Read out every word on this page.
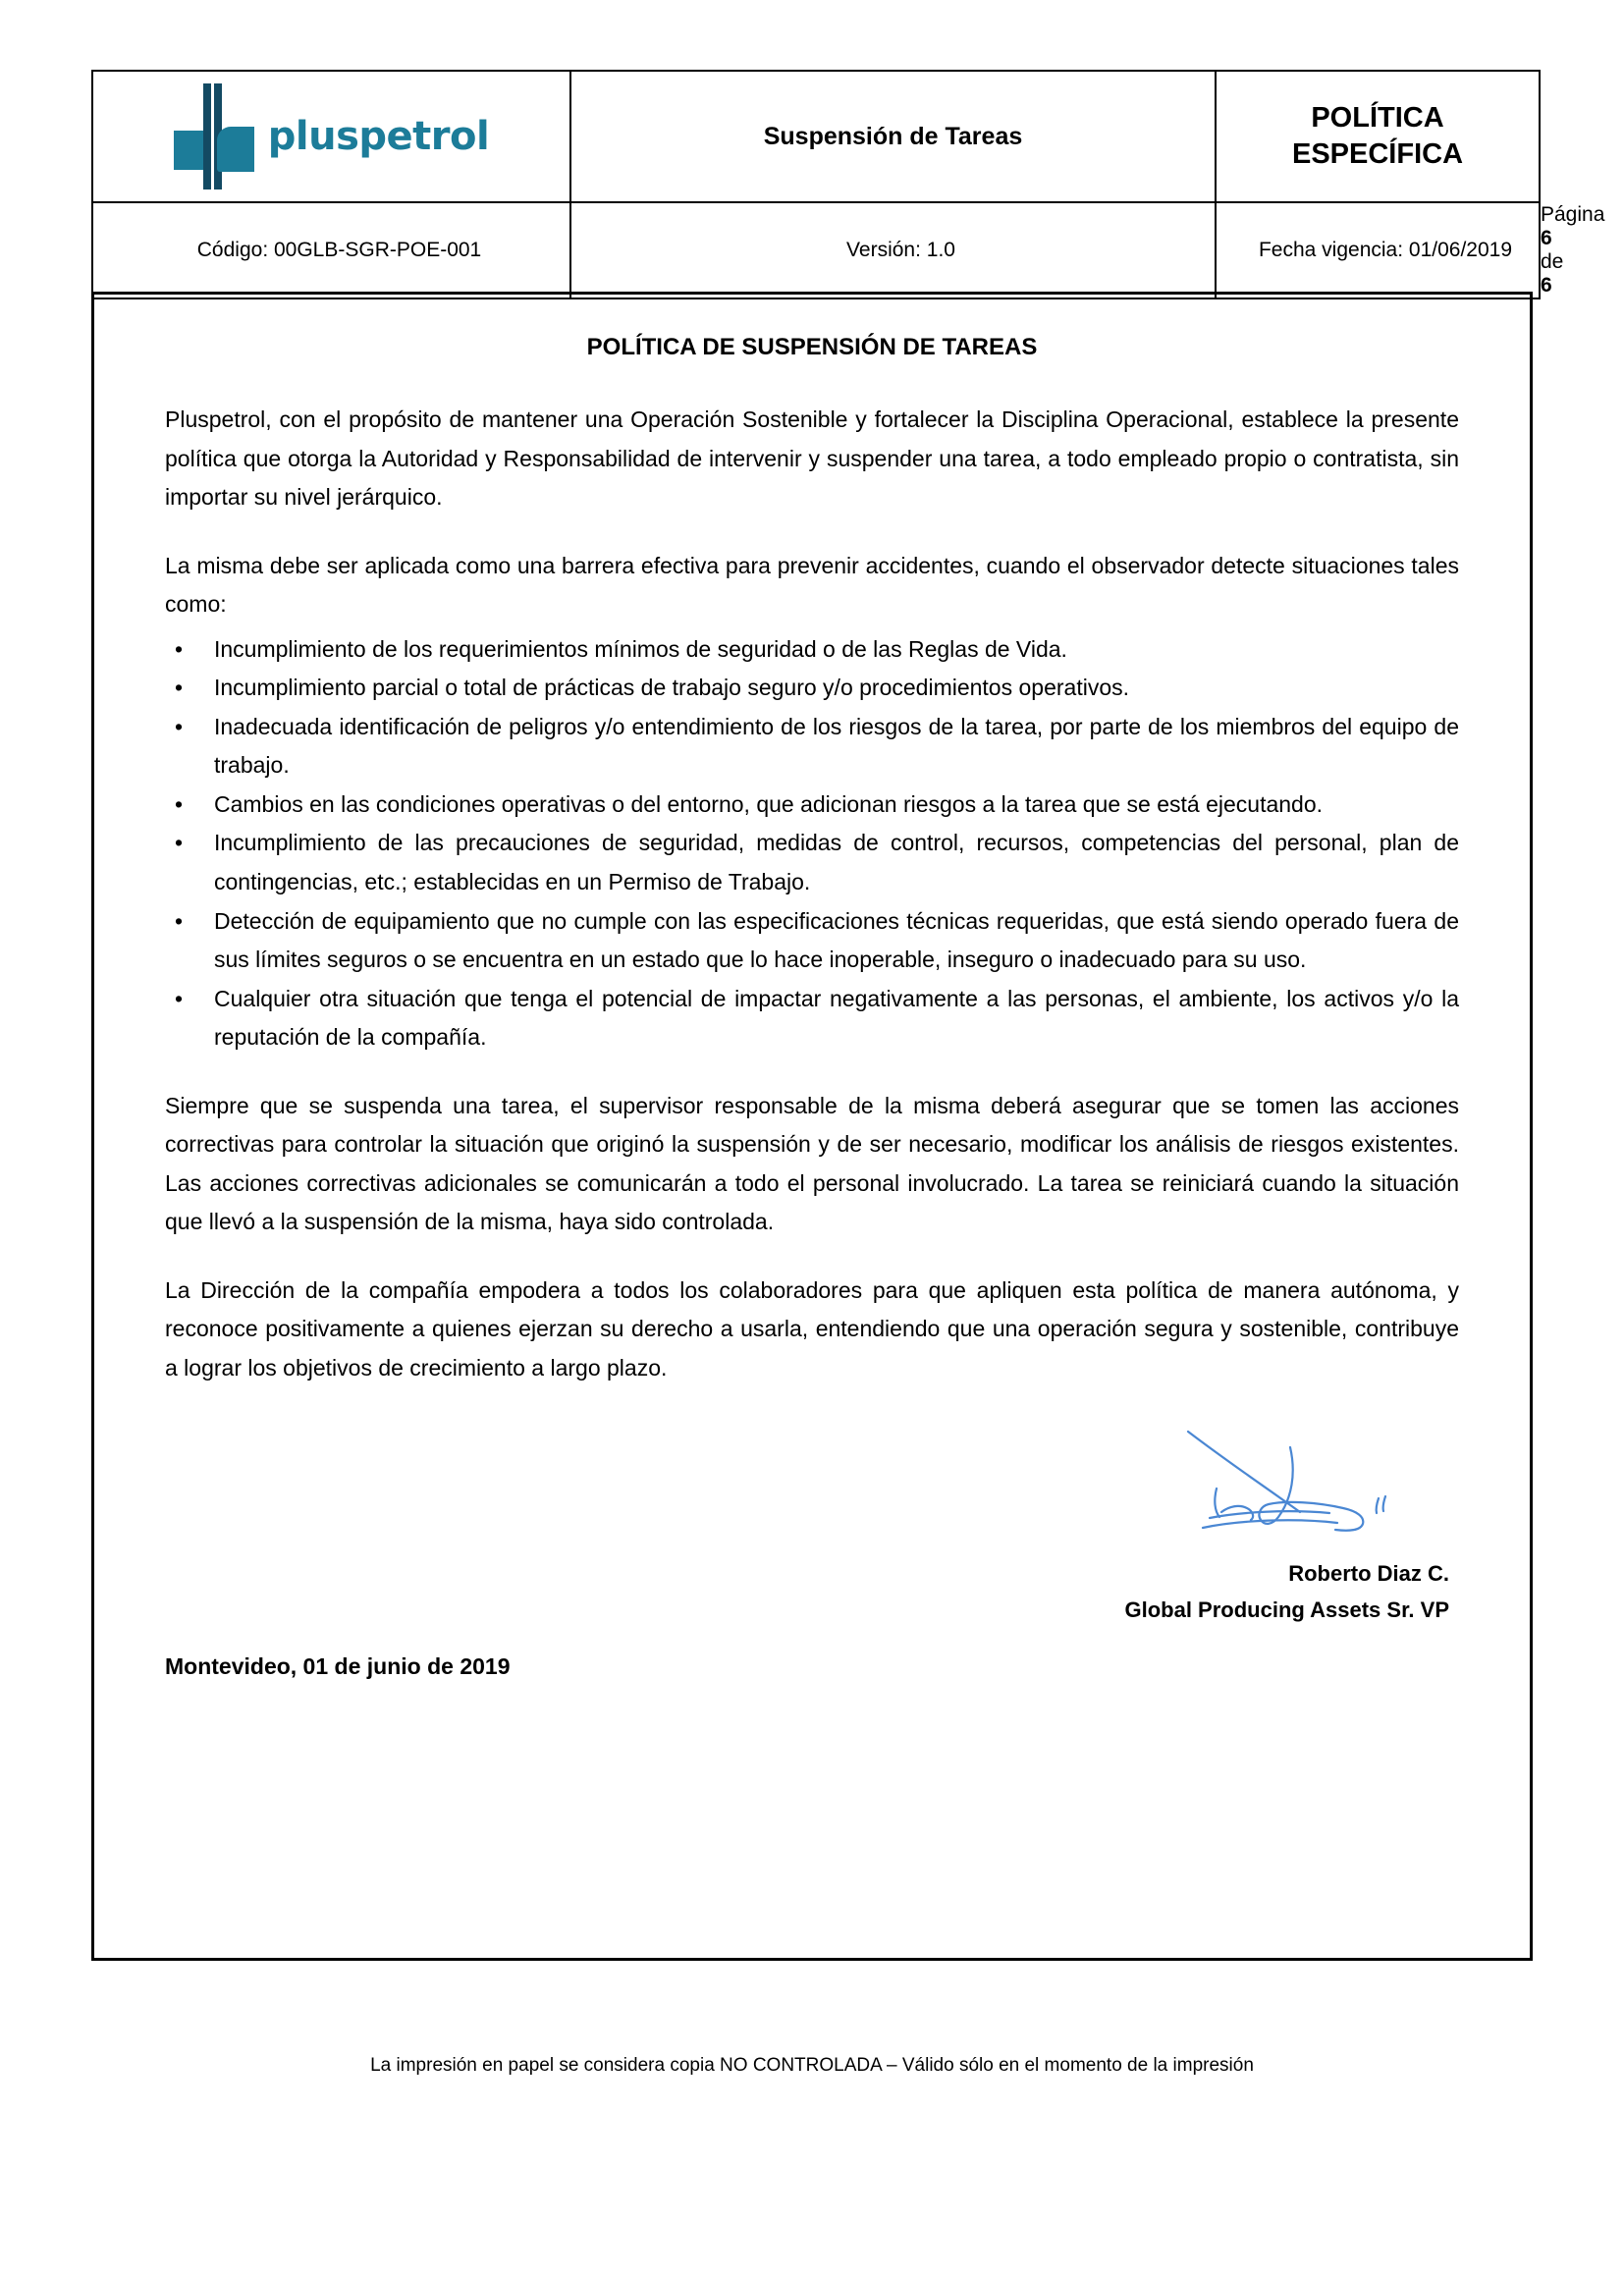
pluspetrol	Suspensión de Tareas	POLÍTICA
ESPECÍFICA	

Código: 00GLB-SGR-POE-001	Versión: 1.0	Fecha vigencia: 01/06/2019	Página 6 de 6
POLÍTICA DE SUSPENSIÓN DE TAREAS

Pluspetrol, con el propósito de mantener una Operación Sostenible y fortalecer la Disciplina Operacional, establece la presente política que otorga la Autoridad y Responsabilidad de intervenir y suspender una tarea, a todo empleado propio o contratista, sin importar su nivel jerárquico.

La misma debe ser aplicada como una barrera efectiva para prevenir accidentes, cuando el observador detecte situaciones tales como:

• Incumplimiento de los requerimientos mínimos de seguridad o de las Reglas de Vida.
• Incumplimiento parcial o total de prácticas de trabajo seguro y/o procedimientos operativos.
• Inadecuada identificación de peligros y/o entendimiento de los riesgos de la tarea, por parte de los miembros del equipo de trabajo.
• Cambios en las condiciones operativas o del entorno, que adicionan riesgos a la tarea que se está ejecutando.
• Incumplimiento de las precauciones de seguridad, medidas de control, recursos, competencias del personal, plan de contingencias, etc.; establecidas en un Permiso de Trabajo.
• Detección de equipamiento que no cumple con las especificaciones técnicas requeridas, que está siendo operado fuera de sus límites seguros o se encuentra en un estado que lo hace inoperable, inseguro o inadecuado para su uso.
• Cualquier otra situación que tenga el potencial de impactar negativamente a las personas, el ambiente, los activos y/o la reputación de la compañía.

Siempre que se suspenda una tarea, el supervisor responsable de la misma deberá asegurar que se tomen las acciones correctivas para controlar la situación que originó la suspensión y de ser necesario, modificar los análisis de riesgos existentes. Las acciones correctivas adicionales se comunicarán a todo el personal involucrado. La tarea se reiniciará cuando la situación que llevó a la suspensión de la misma, haya sido controlada.

La Dirección de la compañía empodera a todos los colaboradores para que apliquen esta política de manera autónoma, y reconoce positivamente a quienes ejerzan su derecho a usarla, entendiendo que una operación segura y sostenible, contribuye a lograr los objetivos de crecimiento a largo plazo.

Roberto Diaz C.
Global Producing Assets Sr. VP
Montevideo, 01 de junio de 2019
La impresión en papel se considera copia NO CONTROLADA – Válido sólo en el momento de la impresión
